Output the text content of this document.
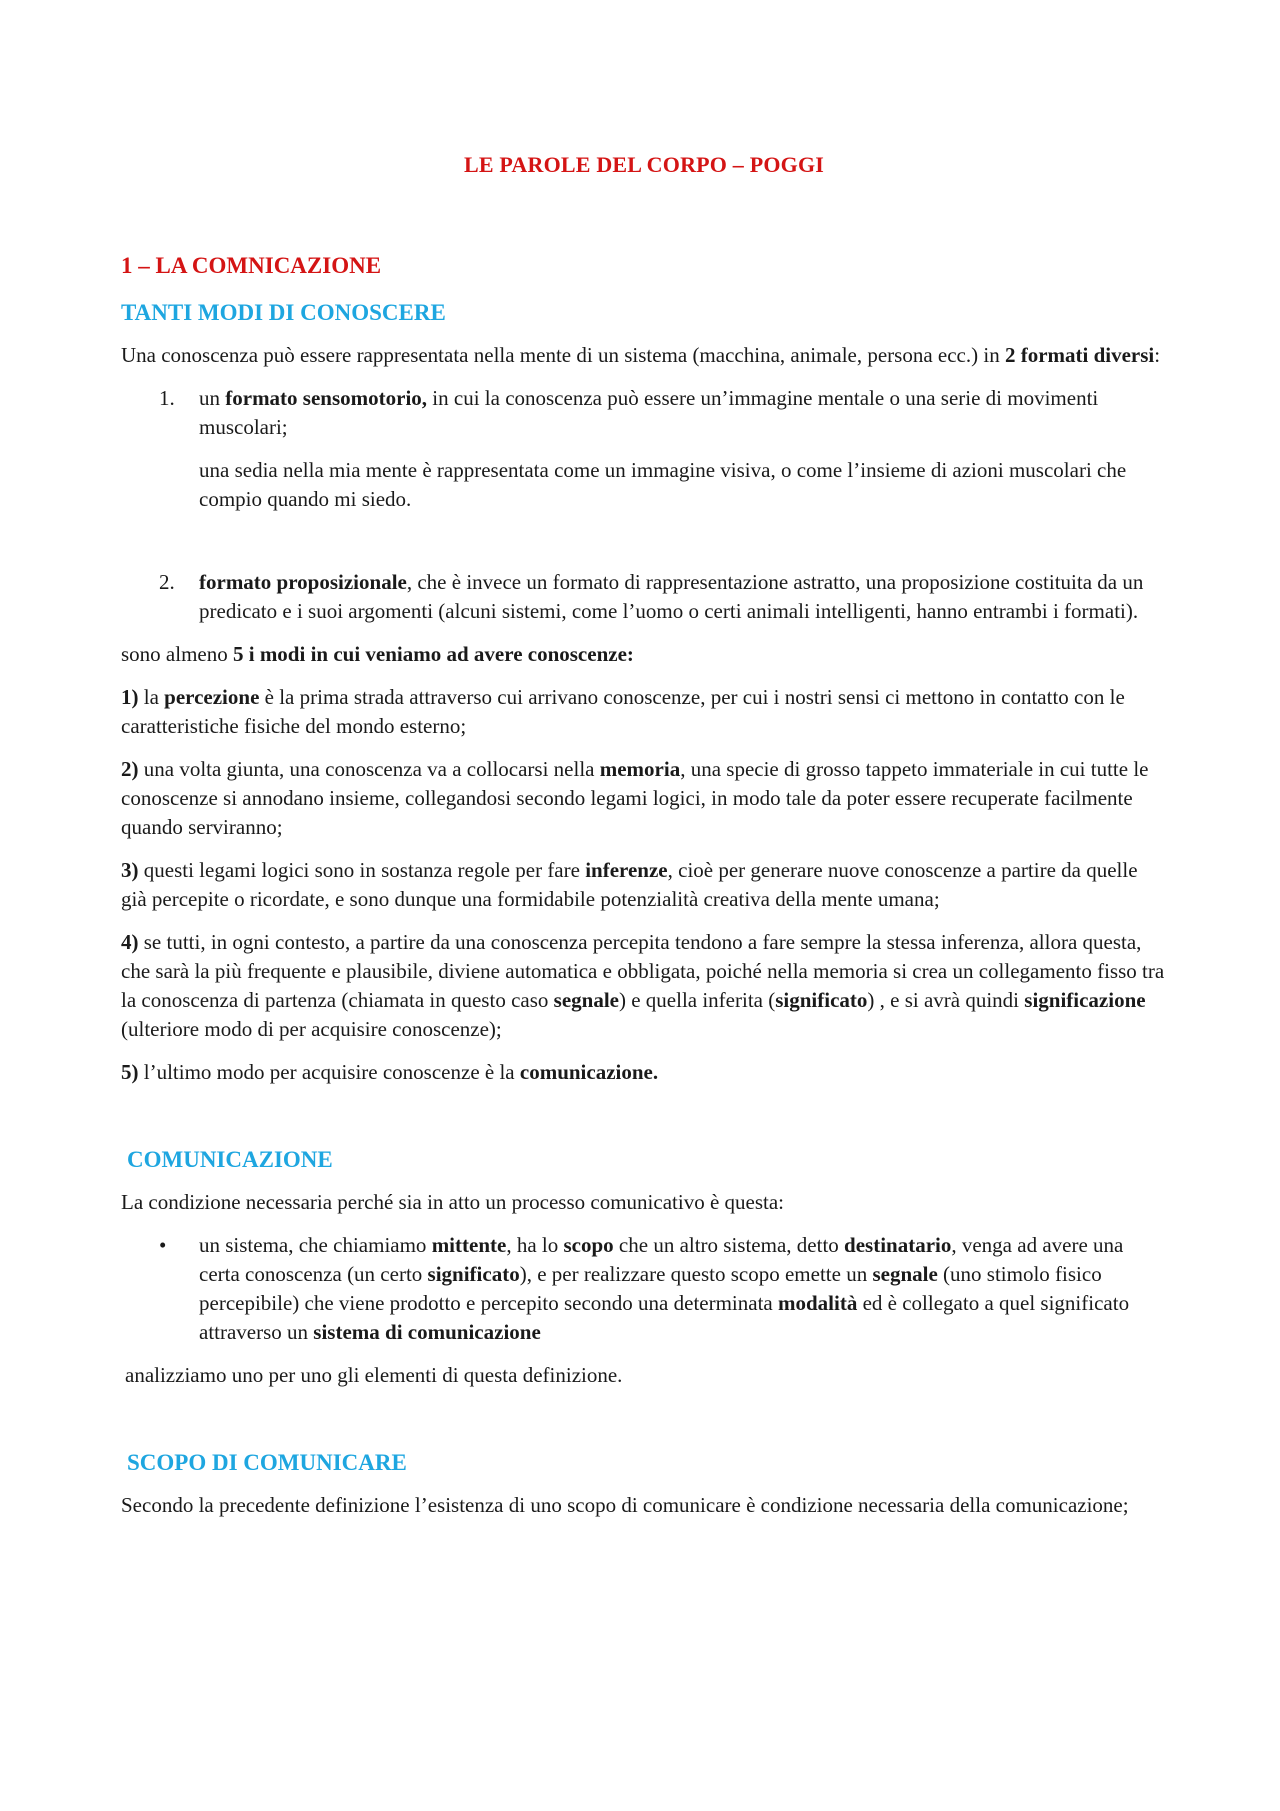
LE PAROLE DEL CORPO – POGGI
1 – LA COMNICAZIONE
TANTI MODI DI CONOSCERE

Una conoscenza può essere rappresentata nella mente di un sistema (macchina, animale, persona ecc.) in 2 formati diversi:

1. un formato sensomotorio, in cui la conoscenza può essere un’immagine mentale o una serie di movimenti muscolari;
una sedia nella mia mente è rappresentata come un immagine visiva, o come l’insieme di azioni muscolari che compio quando mi siedo.
2. formato proposizionale, che è invece un formato di rappresentazione astratto, una proposizione costituita da un predicato e i suoi argomenti (alcuni sistemi, come l’uomo o certi animali intelligenti, hanno entrambi i formati).

sono almeno 5 i modi in cui veniamo ad avere conoscenze:

1) la percezione è la prima strada attraverso cui arrivano conoscenze, per cui i nostri sensi ci mettono in contatto con le caratteristiche fisiche del mondo esterno;

2) una volta giunta, una conoscenza va a collocarsi nella memoria, una specie di grosso tappeto immateriale in cui tutte le conoscenze si annodano insieme, collegandosi secondo legami logici, in modo tale da poter essere recuperate facilmente quando serviranno;

3) questi legami logici sono in sostanza regole per fare inferenze, cioè per generare nuove conoscenze a partire da quelle già percepite o ricordate, e sono dunque una formidabile potenzialità creativa della mente umana;

4) se tutti, in ogni contesto, a partire da una conoscenza percepita tendono a fare sempre la stessa inferenza, allora questa, che sarà la più frequente e plausibile, diviene automatica e obbligata, poiché nella memoria si crea un collegamento fisso tra la conoscenza di partenza (chiamata in questo caso segnale) e quella inferita (significato) , e si avrà quindi significazione (ulteriore modo di per acquisire conoscenze);

5) l’ultimo modo per acquisire conoscenze è la comunicazione.

COMUNICAZIONE

La condizione necessaria perché sia in atto un processo comunicativo è questa:

• un sistema, che chiamiamo mittente, ha lo scopo che un altro sistema, detto destinatario, venga ad avere una certa conoscenza (un certo significato), e per realizzare questo scopo emette un segnale (uno stimolo fisico percepibile) che viene prodotto e percepito secondo una determinata modalità ed è collegato a quel significato attraverso un sistema di comunicazione

analizziamo uno per uno gli elementi di questa definizione.

SCOPO DI COMUNICARE

Secondo la precedente definizione l’esistenza di uno scopo di comunicare è condizione necessaria della comunicazione;
